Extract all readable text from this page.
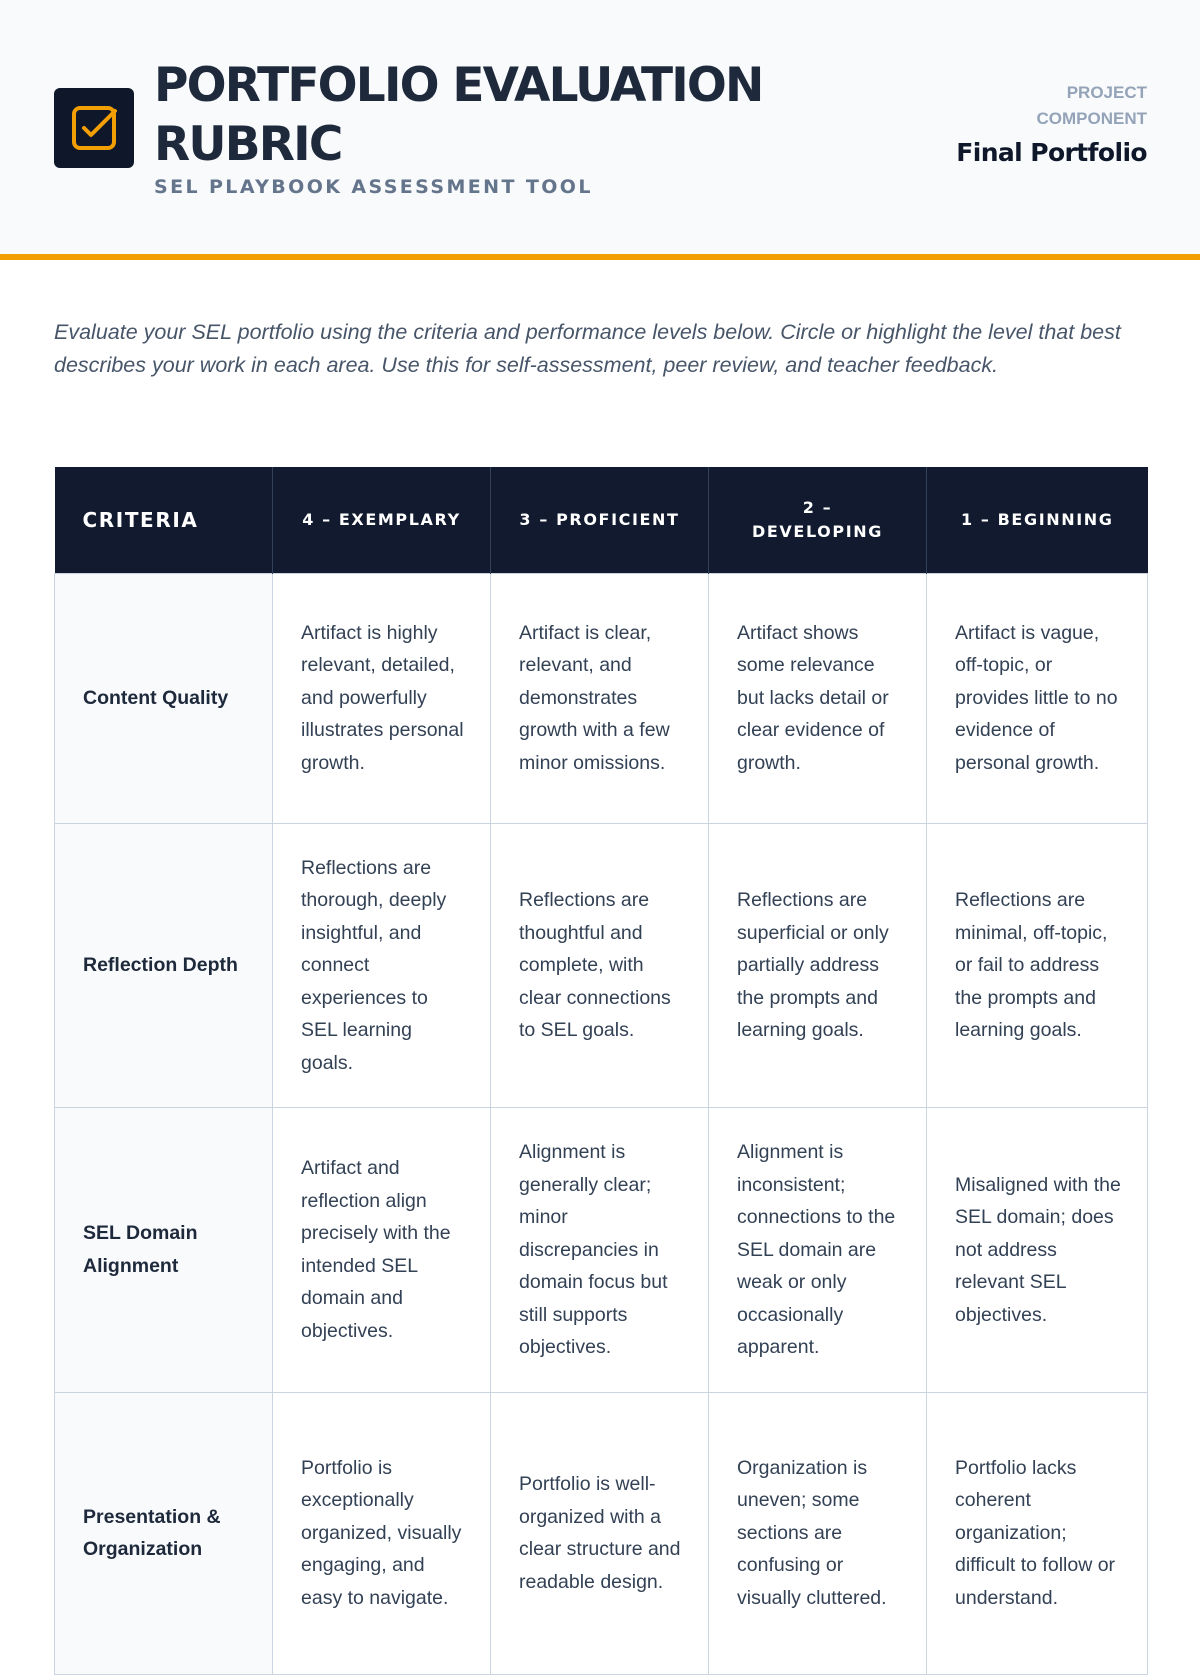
PORTFOLIO EVALUATION RUBRIC
SEL PLAYBOOK ASSESSMENT TOOL
PROJECT COMPONENT
Final Portfolio

Evaluate your SEL portfolio using the criteria and performance levels below. Circle or highlight the level that best describes your work in each area. Use this for self-assessment, peer review, and teacher feedback.

CRITERIA	4 – EXEMPLARY	3 – PROFICIENT	2 – DEVELOPING	1 – BEGINNING
Content Quality	Artifact is highly relevant, detailed, and powerfully illustrates personal growth.	Artifact is clear, relevant, and demonstrates growth with a few minor omissions.	Artifact shows some relevance but lacks detail or clear evidence of growth.	Artifact is vague, off-topic, or provides little to no evidence of personal growth.
Reflection Depth	Reflections are thorough, deeply insightful, and connect experiences to SEL learning goals.	Reflections are thoughtful and complete, with clear connections to SEL goals.	Reflections are superficial or only partially address the prompts and learning goals.	Reflections are minimal, off-topic, or fail to address the prompts and learning goals.
SEL Domain Alignment	Artifact and reflection align precisely with the intended SEL domain and objectives.	Alignment is generally clear; minor discrepancies in domain focus but still supports objectives.	Alignment is inconsistent; connections to the SEL domain are weak or only occasionally apparent.	Misaligned with the SEL domain; does not address relevant SEL objectives.
Presentation & Organization	Portfolio is exceptionally organized, visually engaging, and easy to navigate.	Portfolio is well-organized with a clear structure and readable design.	Organization is uneven; some sections are confusing or visually cluttered.	Portfolio lacks coherent organization; difficult to follow or understand.
